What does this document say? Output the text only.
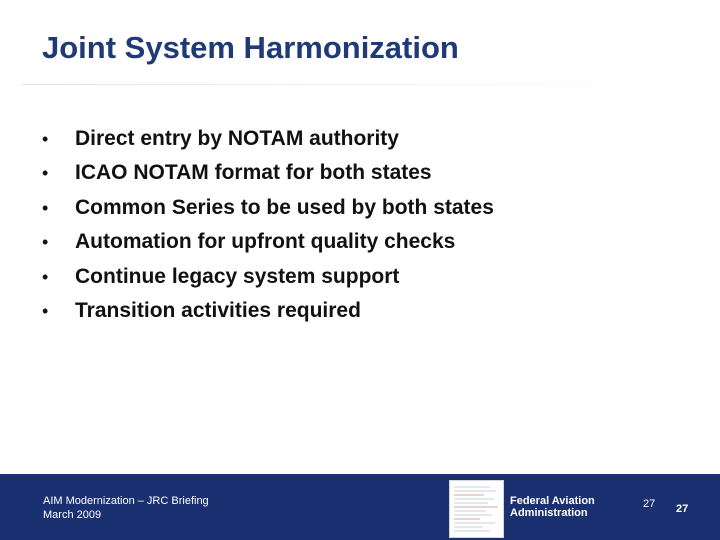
Joint System Harmonization
• Direct entry by NOTAM authority
• ICAO NOTAM format for both states
• Common Series to be used by both states
• Automation for upfront quality checks
• Continue legacy system support
• Transition activities required
AIM Modernization – JRC Briefing
March 2009
Federal Aviation
Administration
27 27
